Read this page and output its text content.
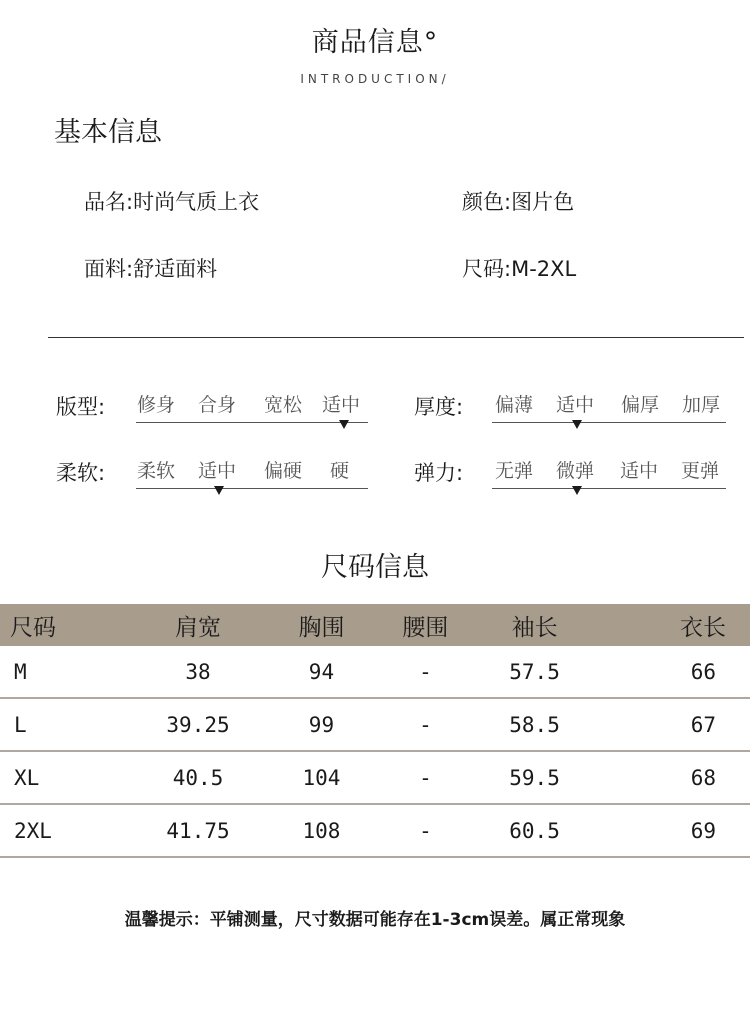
商品信息°
INTRODUCTION/
基本信息
品名:时尚气质上衣	颜色:图片色
面料:舒适面料	尺码:M-2XL
版型: 修身 合身 宽松 适中	厚度: 偏薄 适中 偏厚 加厚
柔软: 柔软 适中 偏硬 硬	弹力: 无弹 微弹 适中 更弹
尺码信息
尺码	肩宽	胸围	腰围	袖长	衣长
M	38	94	-	57.5	66
L	39.25	99	-	58.5	67
XL	40.5	104	-	59.5	68
2XL	41.75	108	-	60.5	69
温馨提示：平铺测量，尺寸数据可能存在1-3cm误差。属正常现象
